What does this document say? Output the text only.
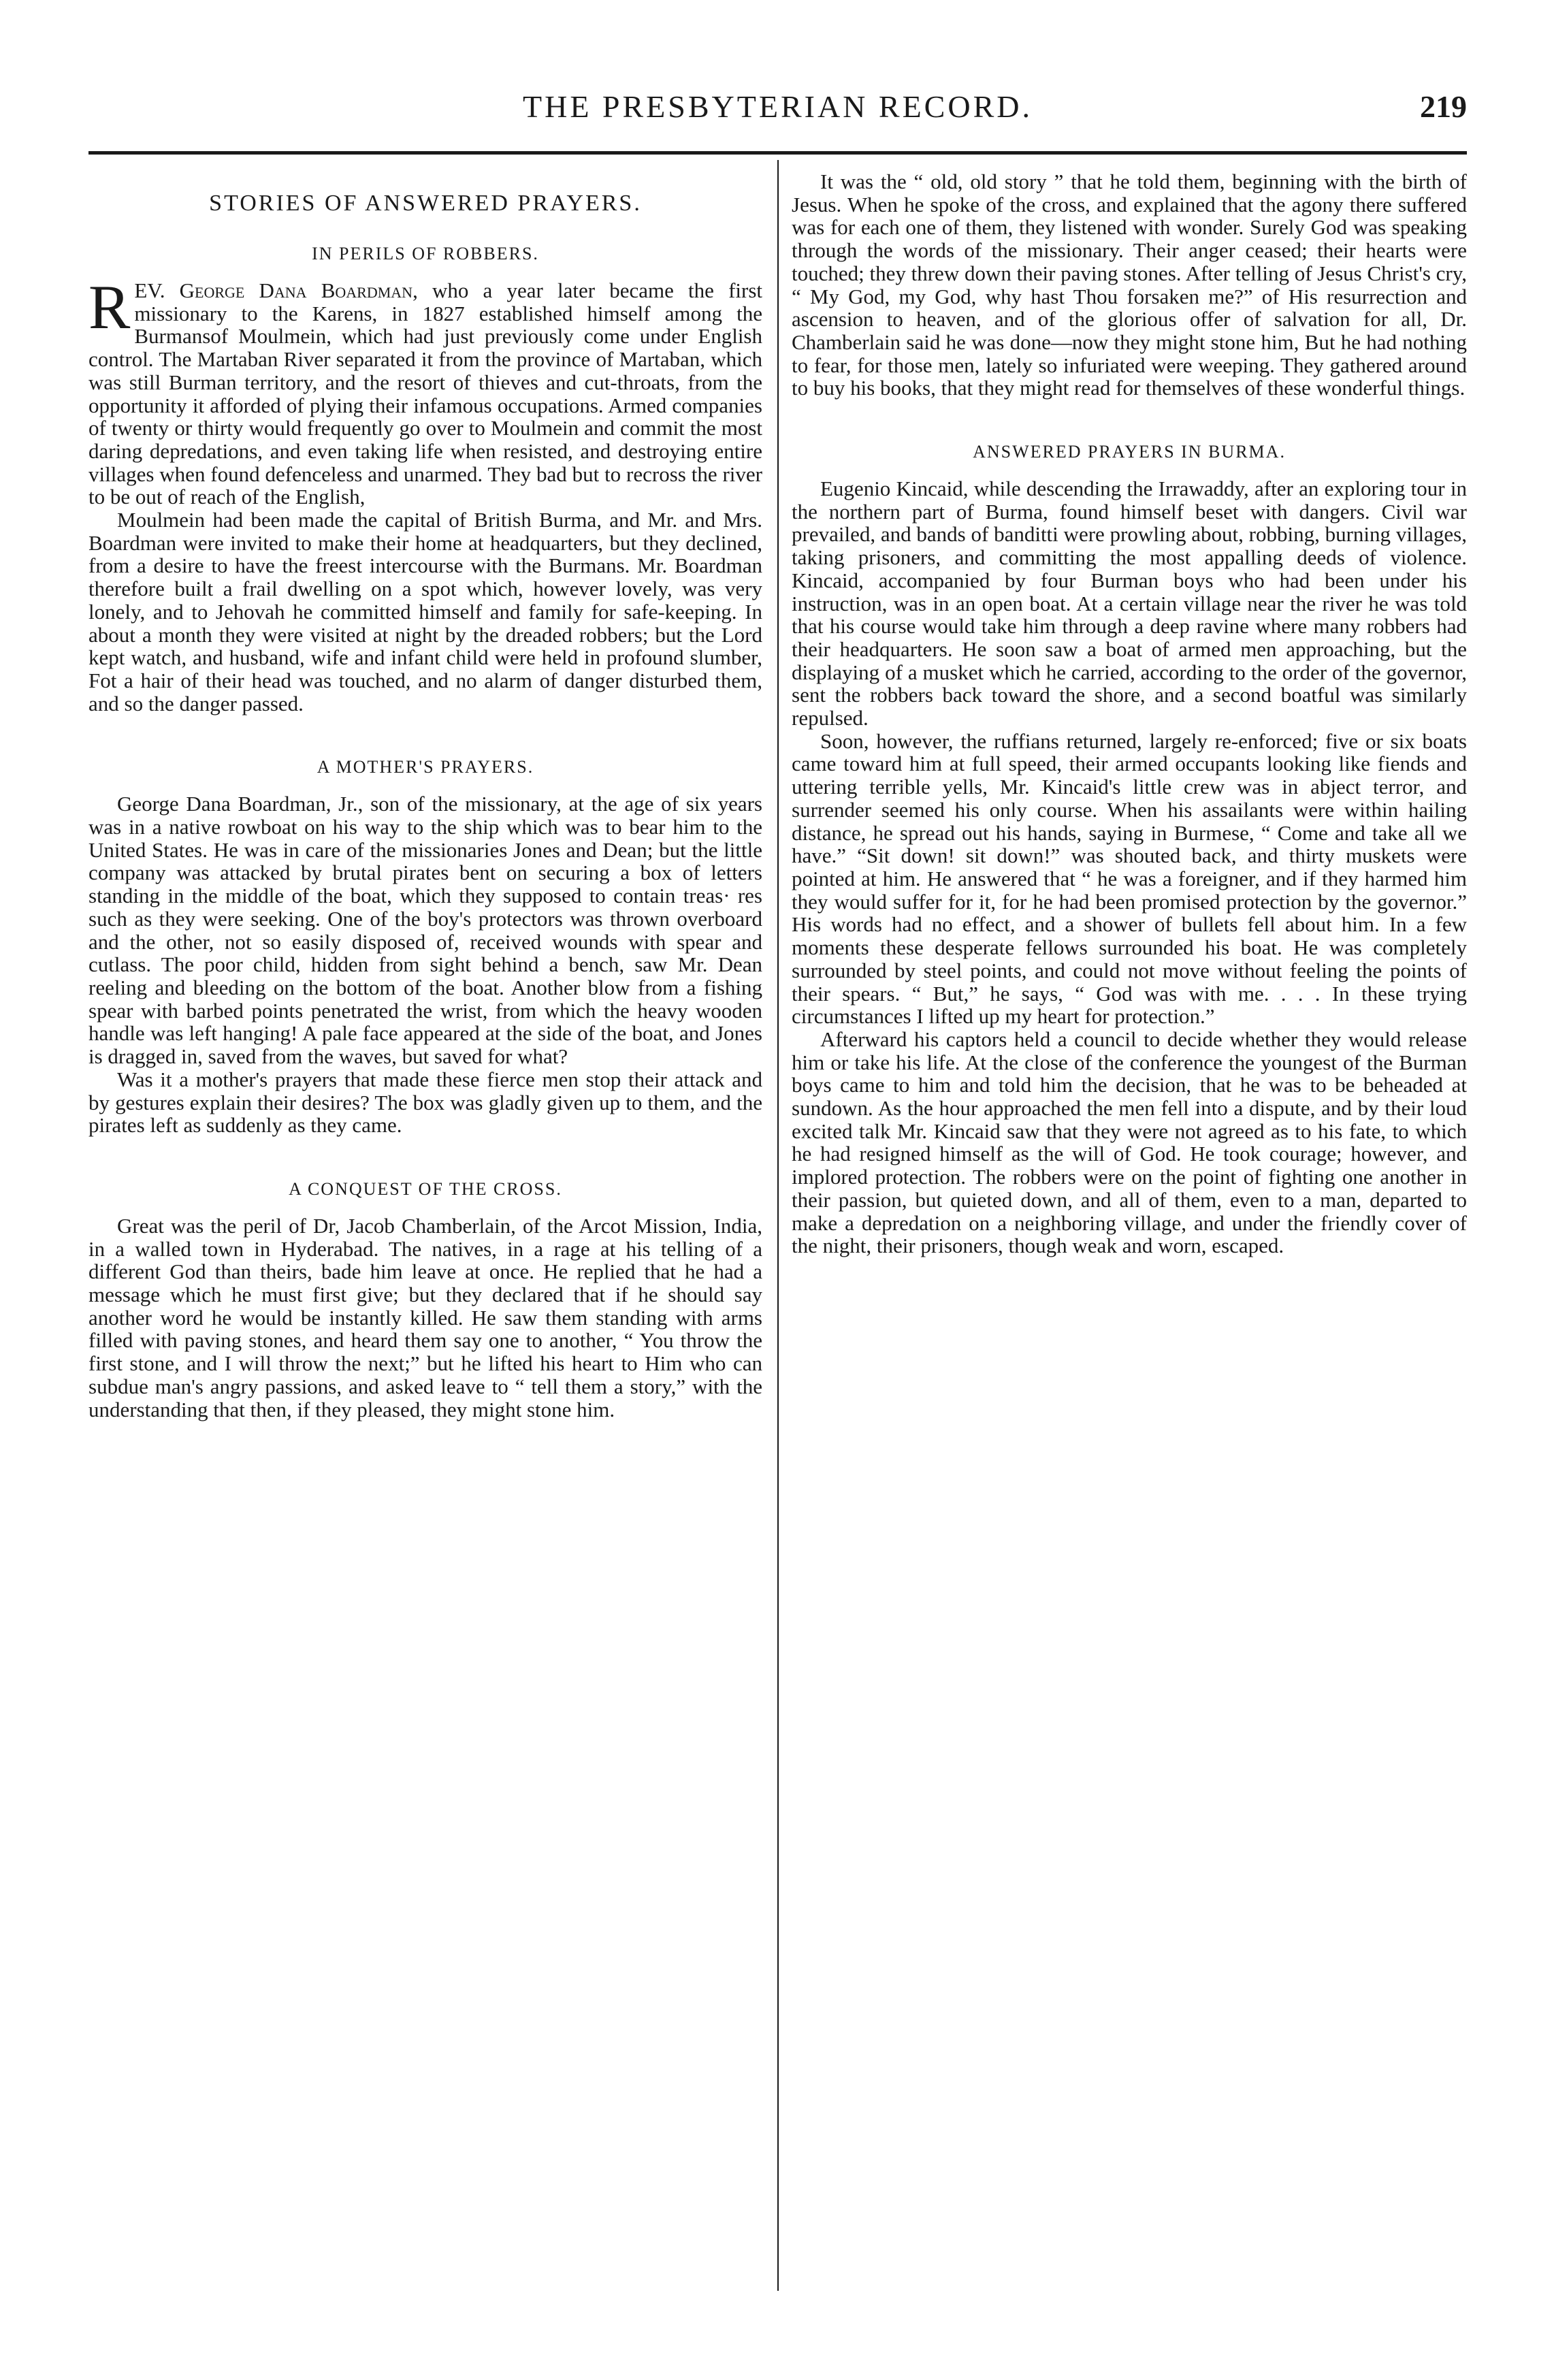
THE PRESBYTERIAN RECORD.	219
STORIES OF ANSWERED PRAYERS.
IN PERILS OF ROBBERS.

REV. George Dana Boardman, who a year later became the first missionary to the Karens, in 1827 established himself among the Burmansof Moulmein, which had just previously come under English control. The Martaban River separated it from the province of Martaban, which was still Burman territory, and the resort of thieves and cut-throats, from the opportunity it afforded of plying their infamous occupations. Armed companies of twenty or thirty would frequently go over to Moulmein and commit the most daring depredations, and even taking life when resisted, and destroying entire villages when found defenceless and unarmed. They bad but to recross the river to be out of reach of the English,

Moulmein had been made the capital of British Burma, and Mr. and Mrs. Boardman were invited to make their home at headquarters, but they declined, from a desire to have the freest intercourse with the Burmans. Mr. Boardman therefore built a frail dwelling on a spot which, however lovely, was very lonely, and to Jehovah he committed himself and family for safe-keeping. In about a month they were visited at night by the dreaded robbers; but the Lord kept watch, and husband, wife and infant child were held in profound slumber, Fot a hair of their head was touched, and no alarm of danger disturbed them, and so the danger passed.

A MOTHER'S PRAYERS.

George Dana Boardman, Jr., son of the missionary, at the age of six years was in a native rowboat on his way to the ship which was to bear him to the United States. He was in care of the missionaries Jones and Dean; but the little company was attacked by brutal pirates bent on securing a box of letters standing in the middle of the boat, which they supposed to contain treas· res such as they were seeking. One of the boy's protectors was thrown overboard and the other, not so easily disposed of, received wounds with spear and cutlass. The poor child, hidden from sight behind a bench, saw Mr. Dean reeling and bleeding on the bottom of the boat. Another blow from a fishing spear with barbed points penetrated the wrist, from which the heavy wooden handle was left hanging! A pale face appeared at the side of the boat, and Jones is dragged in, saved from the waves, but saved for what?

Was it a mother's prayers that made these fierce men stop their attack and by gestures explain their desires? The box was gladly given up to them, and the pirates left as suddenly as they came.

A CONQUEST OF THE CROSS.

Great was the peril of Dr, Jacob Chamberlain, of the Arcot Mission, India, in a walled town in Hyderabad. The natives, in a rage at his telling of a different God than theirs, bade him leave at once. He replied that he had a message which he must first give; but they declared that if he should say another word he would be instantly killed. He saw them standing with arms filled with paving stones, and heard them say one to another, “ You throw the first stone, and I will throw the next;” but he lifted his heart to Him who can subdue man's angry passions, and asked leave to “ tell them a story,” with the understanding that then, if they pleased, they might stone him.

It was the “ old, old story ” that he told them, beginning with the birth of Jesus. When he spoke of the cross, and explained that the agony there suffered was for each one of them, they listened with wonder. Surely God was speaking through the words of the missionary. Their anger ceased; their hearts were touched; they threw down their paving stones. After telling of Jesus Christ's cry, “ My God, my God, why hast Thou forsaken me?” of His resurrection and ascension to heaven, and of the glorious offer of salvation for all, Dr. Chamberlain said he was done—now they might stone him, But he had nothing to fear, for those men, lately so infuriated were weeping. They gathered around to buy his books, that they might read for themselves of these wonderful things.

ANSWERED PRAYERS IN BURMA.

Eugenio Kincaid, while descending the Irrawaddy, after an exploring tour in the northern part of Burma, found himself beset with dangers. Civil war prevailed, and bands of banditti were prowling about, robbing, burning villages, taking prisoners, and committing the most appalling deeds of violence. Kincaid, accompanied by four Burman boys who had been under his instruction, was in an open boat. At a certain village near the river he was told that his course would take him through a deep ravine where many robbers had their headquarters. He soon saw a boat of armed men approaching, but the displaying of a musket which he carried, according to the order of the governor, sent the robbers back toward the shore, and a second boatful was similarly repulsed.

Soon, however, the ruffians returned, largely re-enforced; five or six boats came toward him at full speed, their armed occupants looking like fiends and uttering terrible yells, Mr. Kincaid's little crew was in abject terror, and surrender seemed his only course. When his assailants were within hailing distance, he spread out his hands, saying in Burmese, “ Come and take all we have.” “Sit down! sit down!” was shouted back, and thirty muskets were pointed at him. He answered that “ he was a foreigner, and if they harmed him they would suffer for it, for he had been promised protection by the governor.” His words had no effect, and a shower of bullets fell about him. In a few moments these desperate fellows surrounded his boat. He was completely surrounded by steel points, and could not move without feeling the points of their spears. “ But,” he says, “ God was with me. . . . In these trying circumstances I lifted up my heart for protection.”

Afterward his captors held a council to decide whether they would release him or take his life. At the close of the conference the youngest of the Burman boys came to him and told him the decision, that he was to be beheaded at sundown. As the hour approached the men fell into a dispute, and by their loud excited talk Mr. Kincaid saw that they were not agreed as to his fate, to which he had resigned himself as the will of God. He took courage; however, and implored protection. The robbers were on the point of fighting one another in their passion, but quieted down, and all of them, even to a man, departed to make a depredation on a neighboring village, and under the friendly cover of the night, their prisoners, though weak and worn, escaped.
